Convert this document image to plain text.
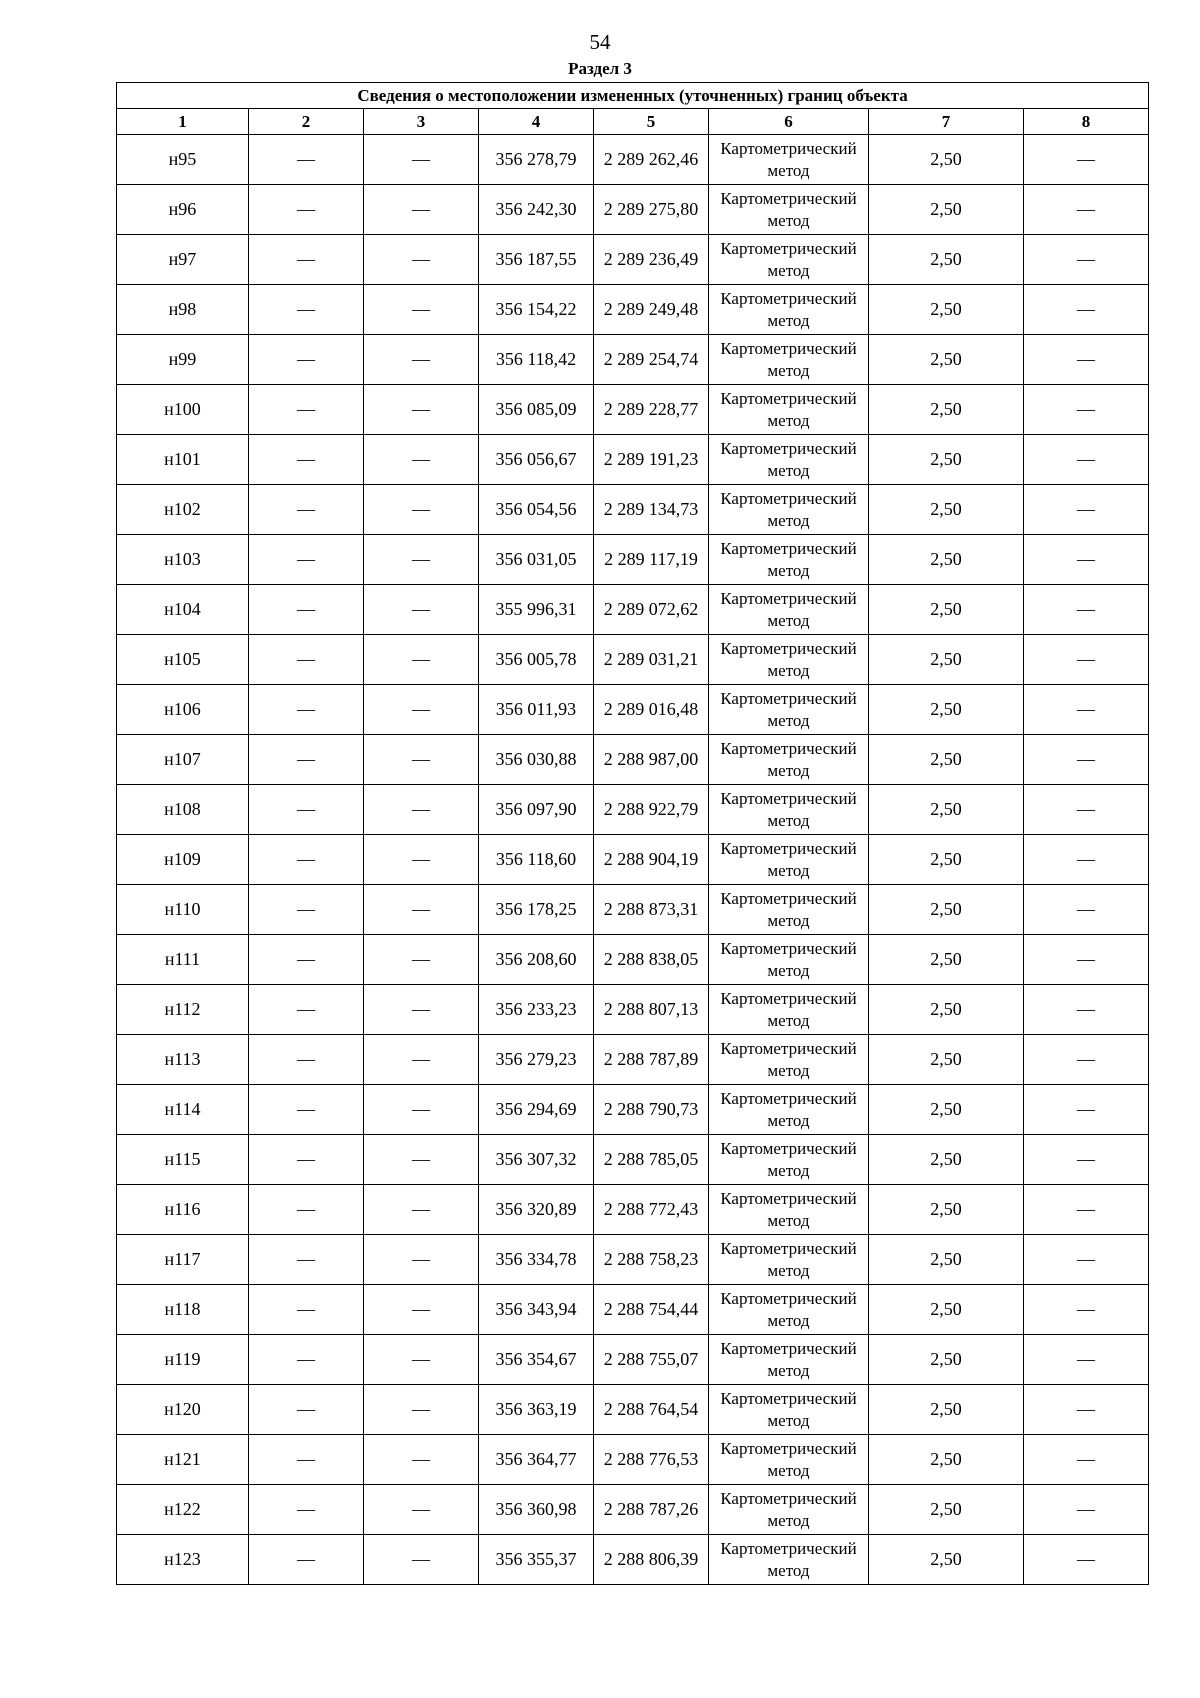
54
Раздел 3
Сведения о местоположении измененных (уточненных) границ объекта							
1	2	3	4	5	6	7	8
н95	—	—	356 278,79	2 289 262,46	Картометрический метод	2,50	—
н96	—	—	356 242,30	2 289 275,80	Картометрический метод	2,50	—
н97	—	—	356 187,55	2 289 236,49	Картометрический метод	2,50	—
н98	—	—	356 154,22	2 289 249,48	Картометрический метод	2,50	—
н99	—	—	356 118,42	2 289 254,74	Картометрический метод	2,50	—
н100	—	—	356 085,09	2 289 228,77	Картометрический метод	2,50	—
н101	—	—	356 056,67	2 289 191,23	Картометрический метод	2,50	—
н102	—	—	356 054,56	2 289 134,73	Картометрический метод	2,50	—
н103	—	—	356 031,05	2 289 117,19	Картометрический метод	2,50	—
н104	—	—	355 996,31	2 289 072,62	Картометрический метод	2,50	—
н105	—	—	356 005,78	2 289 031,21	Картометрический метод	2,50	—
н106	—	—	356 011,93	2 289 016,48	Картометрический метод	2,50	—
н107	—	—	356 030,88	2 288 987,00	Картометрический метод	2,50	—
н108	—	—	356 097,90	2 288 922,79	Картометрический метод	2,50	—
н109	—	—	356 118,60	2 288 904,19	Картометрический метод	2,50	—
н110	—	—	356 178,25	2 288 873,31	Картометрический метод	2,50	—
н111	—	—	356 208,60	2 288 838,05	Картометрический метод	2,50	—
н112	—	—	356 233,23	2 288 807,13	Картометрический метод	2,50	—
н113	—	—	356 279,23	2 288 787,89	Картометрический метод	2,50	—
н114	—	—	356 294,69	2 288 790,73	Картометрический метод	2,50	—
н115	—	—	356 307,32	2 288 785,05	Картометрический метод	2,50	—
н116	—	—	356 320,89	2 288 772,43	Картометрический метод	2,50	—
н117	—	—	356 334,78	2 288 758,23	Картометрический метод	2,50	—
н118	—	—	356 343,94	2 288 754,44	Картометрический метод	2,50	—
н119	—	—	356 354,67	2 288 755,07	Картометрический метод	2,50	—
н120	—	—	356 363,19	2 288 764,54	Картометрический метод	2,50	—
н121	—	—	356 364,77	2 288 776,53	Картометрический метод	2,50	—
н122	—	—	356 360,98	2 288 787,26	Картометрический метод	2,50	—
н123	—	—	356 355,37	2 288 806,39	Картометрический метод	2,50	—
